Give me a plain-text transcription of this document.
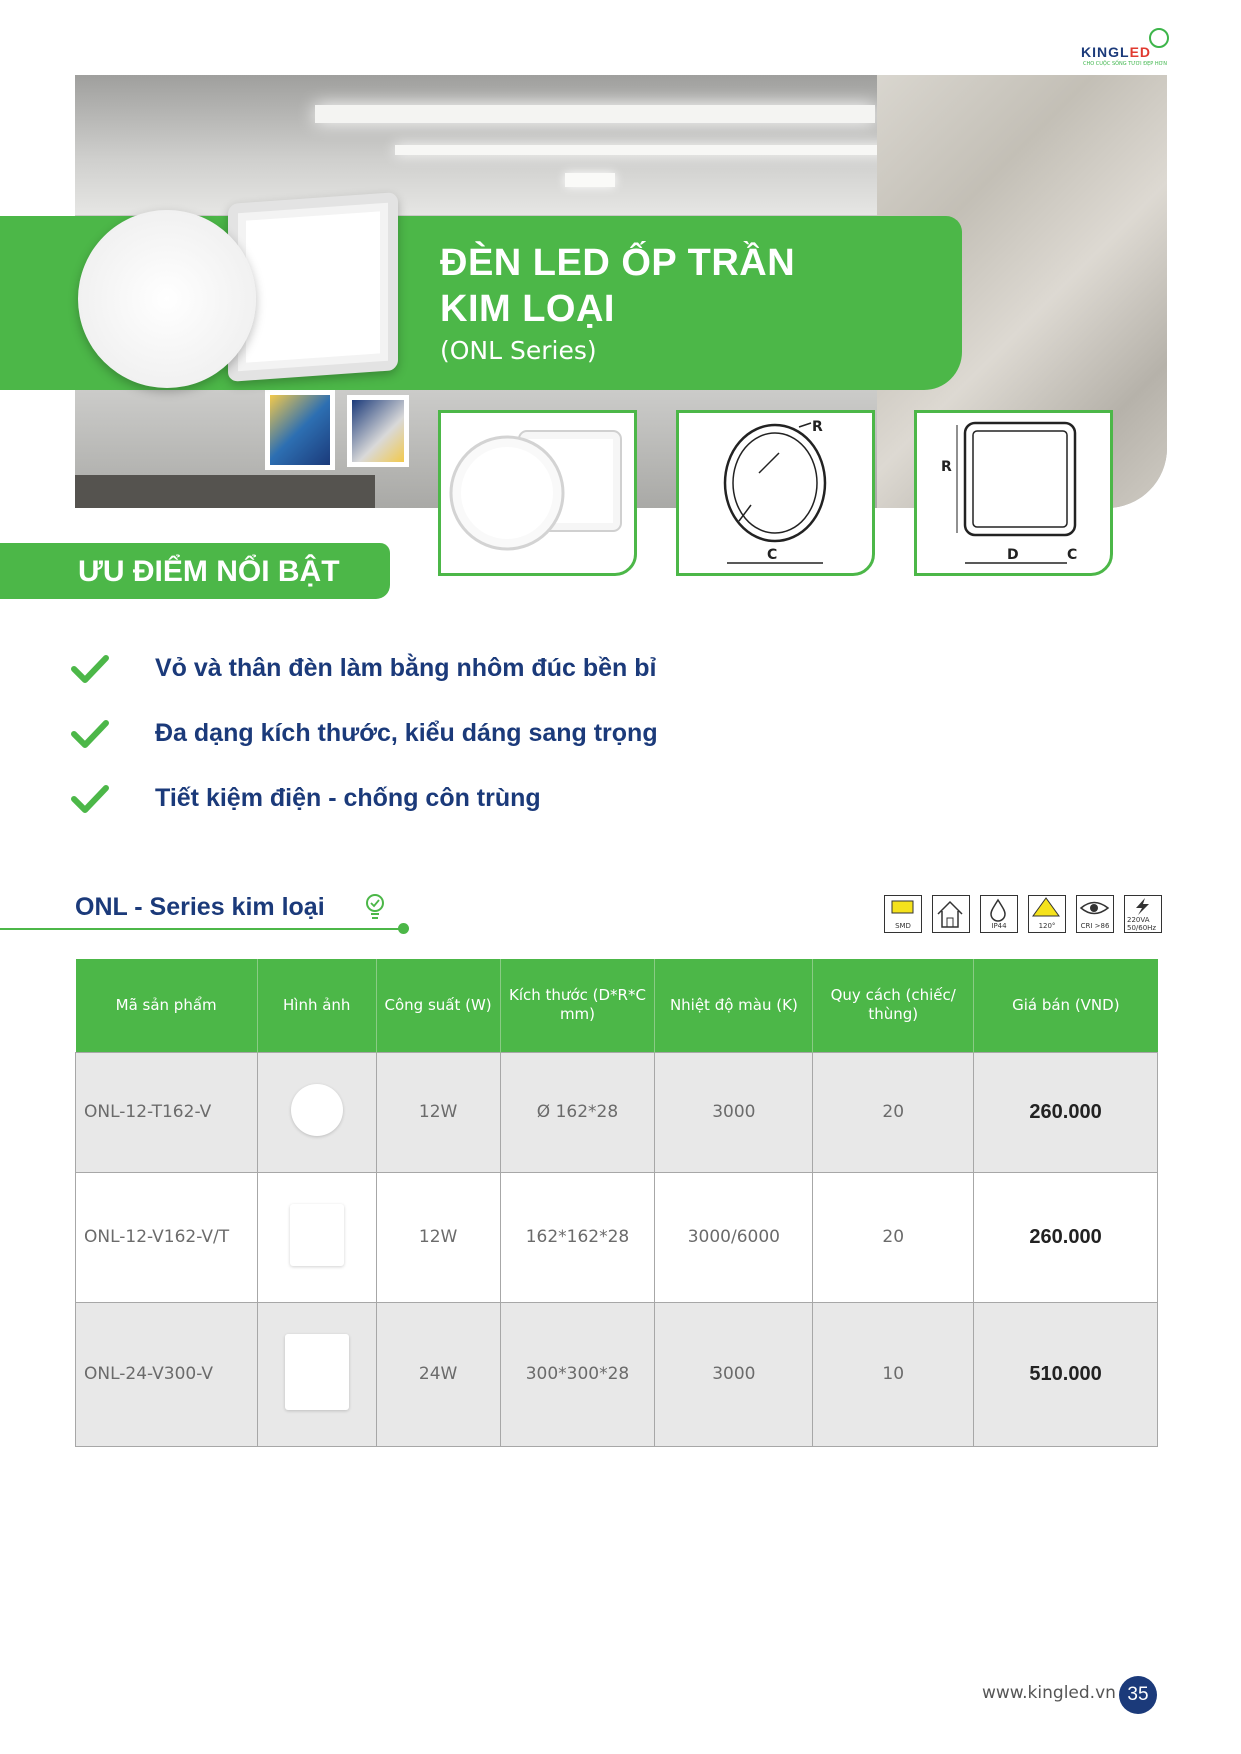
KINGLED
CHO CUỘC SỐNG TƯƠI ĐẸP HƠN
ĐÈN LED ỐP TRẦN
KIM LOẠI
(ONL Series)
R
C
R
D	C
ƯU ĐIỂM NỔI BẬT
Vỏ và thân đèn làm bằng nhôm đúc bền bỉ
Đa dạng kích thước, kiểu dáng sang trọng
Tiết kiệm điện - chống côn trùng
ONL - Series kim loại
SMD	IP44	120°	CRI >86
220VA 50/60Hz
Mã sản phẩm	Hình ảnh	Công suất (W)	Kích thước (D*R*C mm)	Nhiệt độ màu (K)	Quy cách (chiếc/ thùng)	Giá bán (VND)
ONL-12-T162-V		12W	Ø 162*28	3000	20	260.000
ONL-12-V162-V/T		12W	162*162*28	3000/6000	20	260.000
ONL-24-V300-V		24W	300*300*28	3000	10	510.000
www.kingled.vn 35
